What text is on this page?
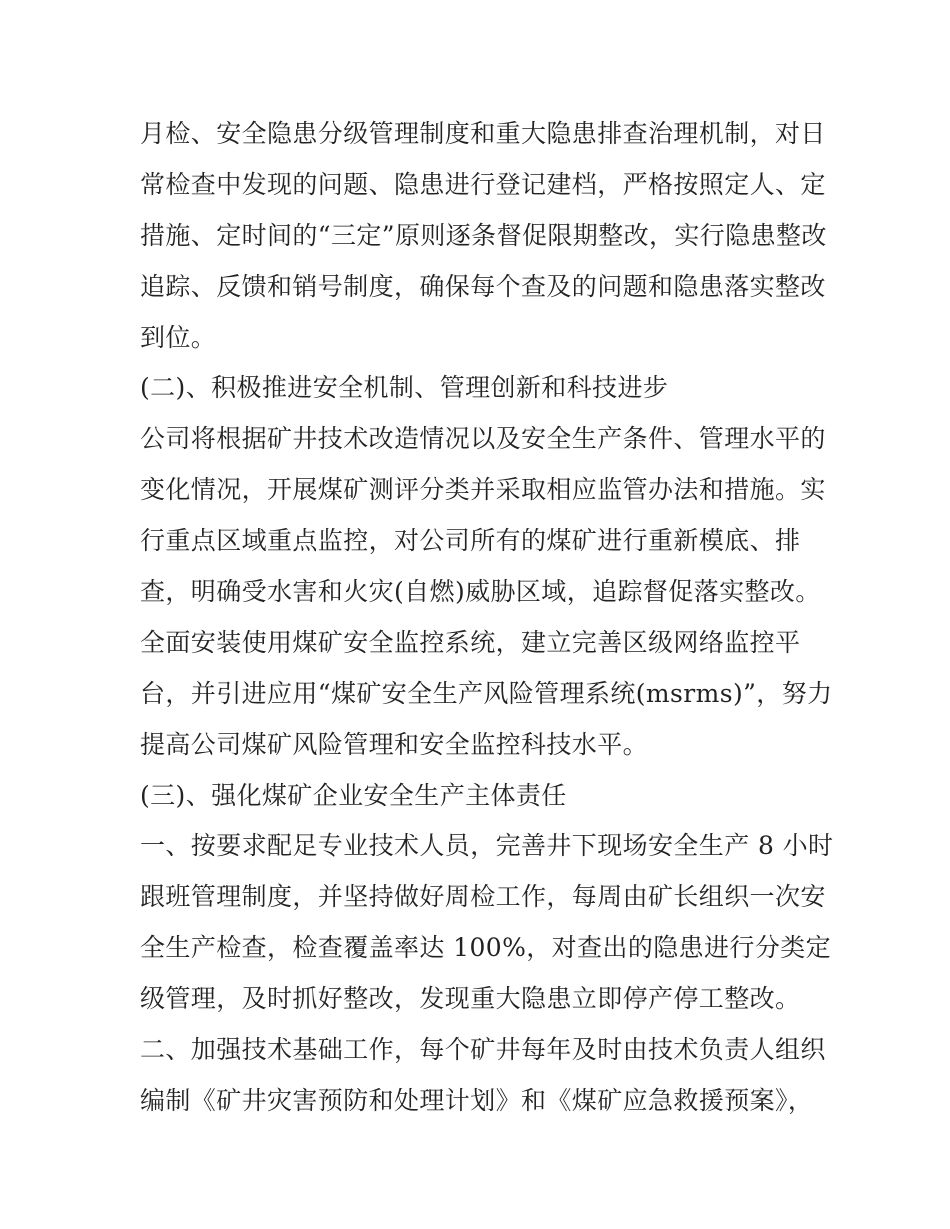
月检、安全隐患分级管理制度和重大隐患排查治理机制，对日
常检查中发现的问题、隐患进行登记建档，严格按照定人、定
措施、定时间的“三定”原则逐条督促限期整改，实行隐患整改
追踪、反馈和销号制度，确保每个查及的问题和隐患落实整改
到位。
(二)、积极推进安全机制、管理创新和科技进步
公司将根据矿井技术改造情况以及安全生产条件、管理水平的
变化情况，开展煤矿测评分类并采取相应监管办法和措施。实
行重点区域重点监控，对公司所有的煤矿进行重新模底、排
查，明确受水害和火灾(自燃)威胁区域，追踪督促落实整改。
全面安装使用煤矿安全监控系统，建立完善区级网络监控平
台，并引进应用“煤矿安全生产风险管理系统(msrms)”，努力
提高公司煤矿风险管理和安全监控科技水平。
(三)、强化煤矿企业安全生产主体责任
一、按要求配足专业技术人员，完善井下现场安全生产 8 小时
跟班管理制度，并坚持做好周检工作，每周由矿长组织一次安
全生产检查，检查覆盖率达 100%，对查出的隐患进行分类定
级管理，及时抓好整改，发现重大隐患立即停产停工整改。
二、加强技术基础工作，每个矿井每年及时由技术负责人组织
编制《矿井灾害预防和处理计划》和《煤矿应急救援预案》，
